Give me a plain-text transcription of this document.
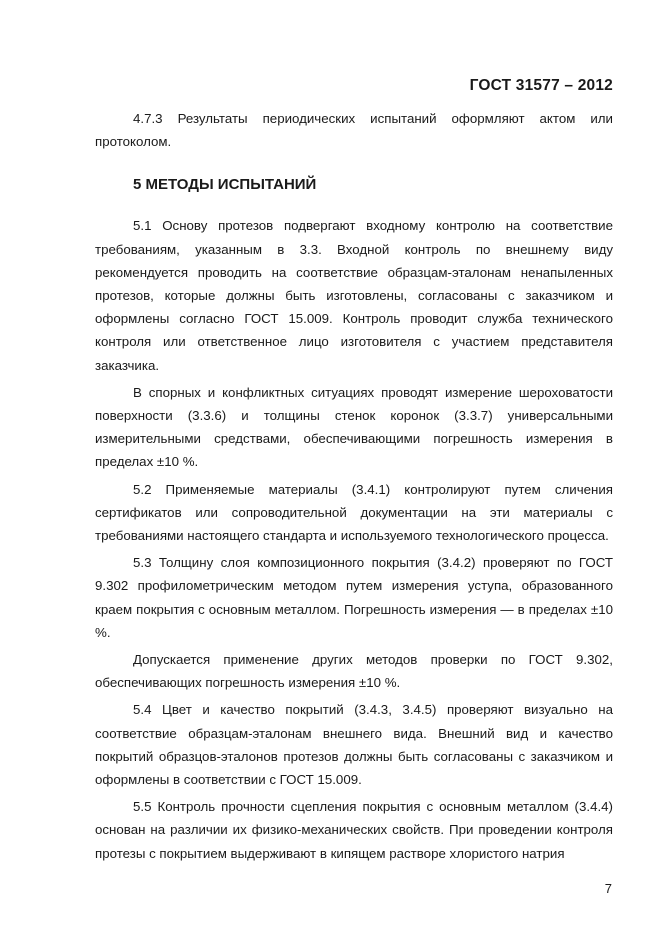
ГОСТ 31577 – 2012

4.7.3 Результаты периодических испытаний оформляют актом или протоколом.

5 МЕТОДЫ ИСПЫТАНИЙ

5.1 Основу протезов подвергают входному контролю на соответствие требованиям, указанным в 3.3. Входной контроль по внешнему виду рекомендуется проводить на соответствие образцам-эталонам ненапыленных протезов, которые должны быть изготовлены, согласованы с заказчиком и оформлены согласно ГОСТ 15.009. Контроль проводит служба технического контроля или ответственное лицо изготовителя с участием представителя заказчика.

В спорных и конфликтных ситуациях проводят измерение шероховатости поверхности (3.3.6) и толщины стенок коронок (3.3.7) универсальными измерительными средствами, обеспечивающими погрешность измерения в пределах ±10 %.

5.2 Применяемые материалы (3.4.1) контролируют путем сличения сертификатов или сопроводительной документации на эти материалы с требованиями настоящего стандарта и используемого технологического процесса.

5.3 Толщину слоя композиционного покрытия (3.4.2) проверяют по ГОСТ 9.302 профилометрическим методом путем измерения уступа, образованного краем покрытия с основным металлом. Погрешность измерения — в пределах ±10 %.

Допускается применение других методов проверки по ГОСТ 9.302, обеспечивающих погрешность измерения ±10 %.

5.4 Цвет и качество покрытий (3.4.3, 3.4.5) проверяют визуально на соответствие образцам-эталонам внешнего вида. Внешний вид и качество покрытий образцов-эталонов протезов должны быть согласованы с заказчиком и оформлены в соответствии с ГОСТ 15.009.

5.5 Контроль прочности сцепления покрытия с основным металлом (3.4.4) основан на различии их физико-механических свойств. При проведении контроля протезы с покрытием выдерживают в кипящем растворе хлористого натрия

7
